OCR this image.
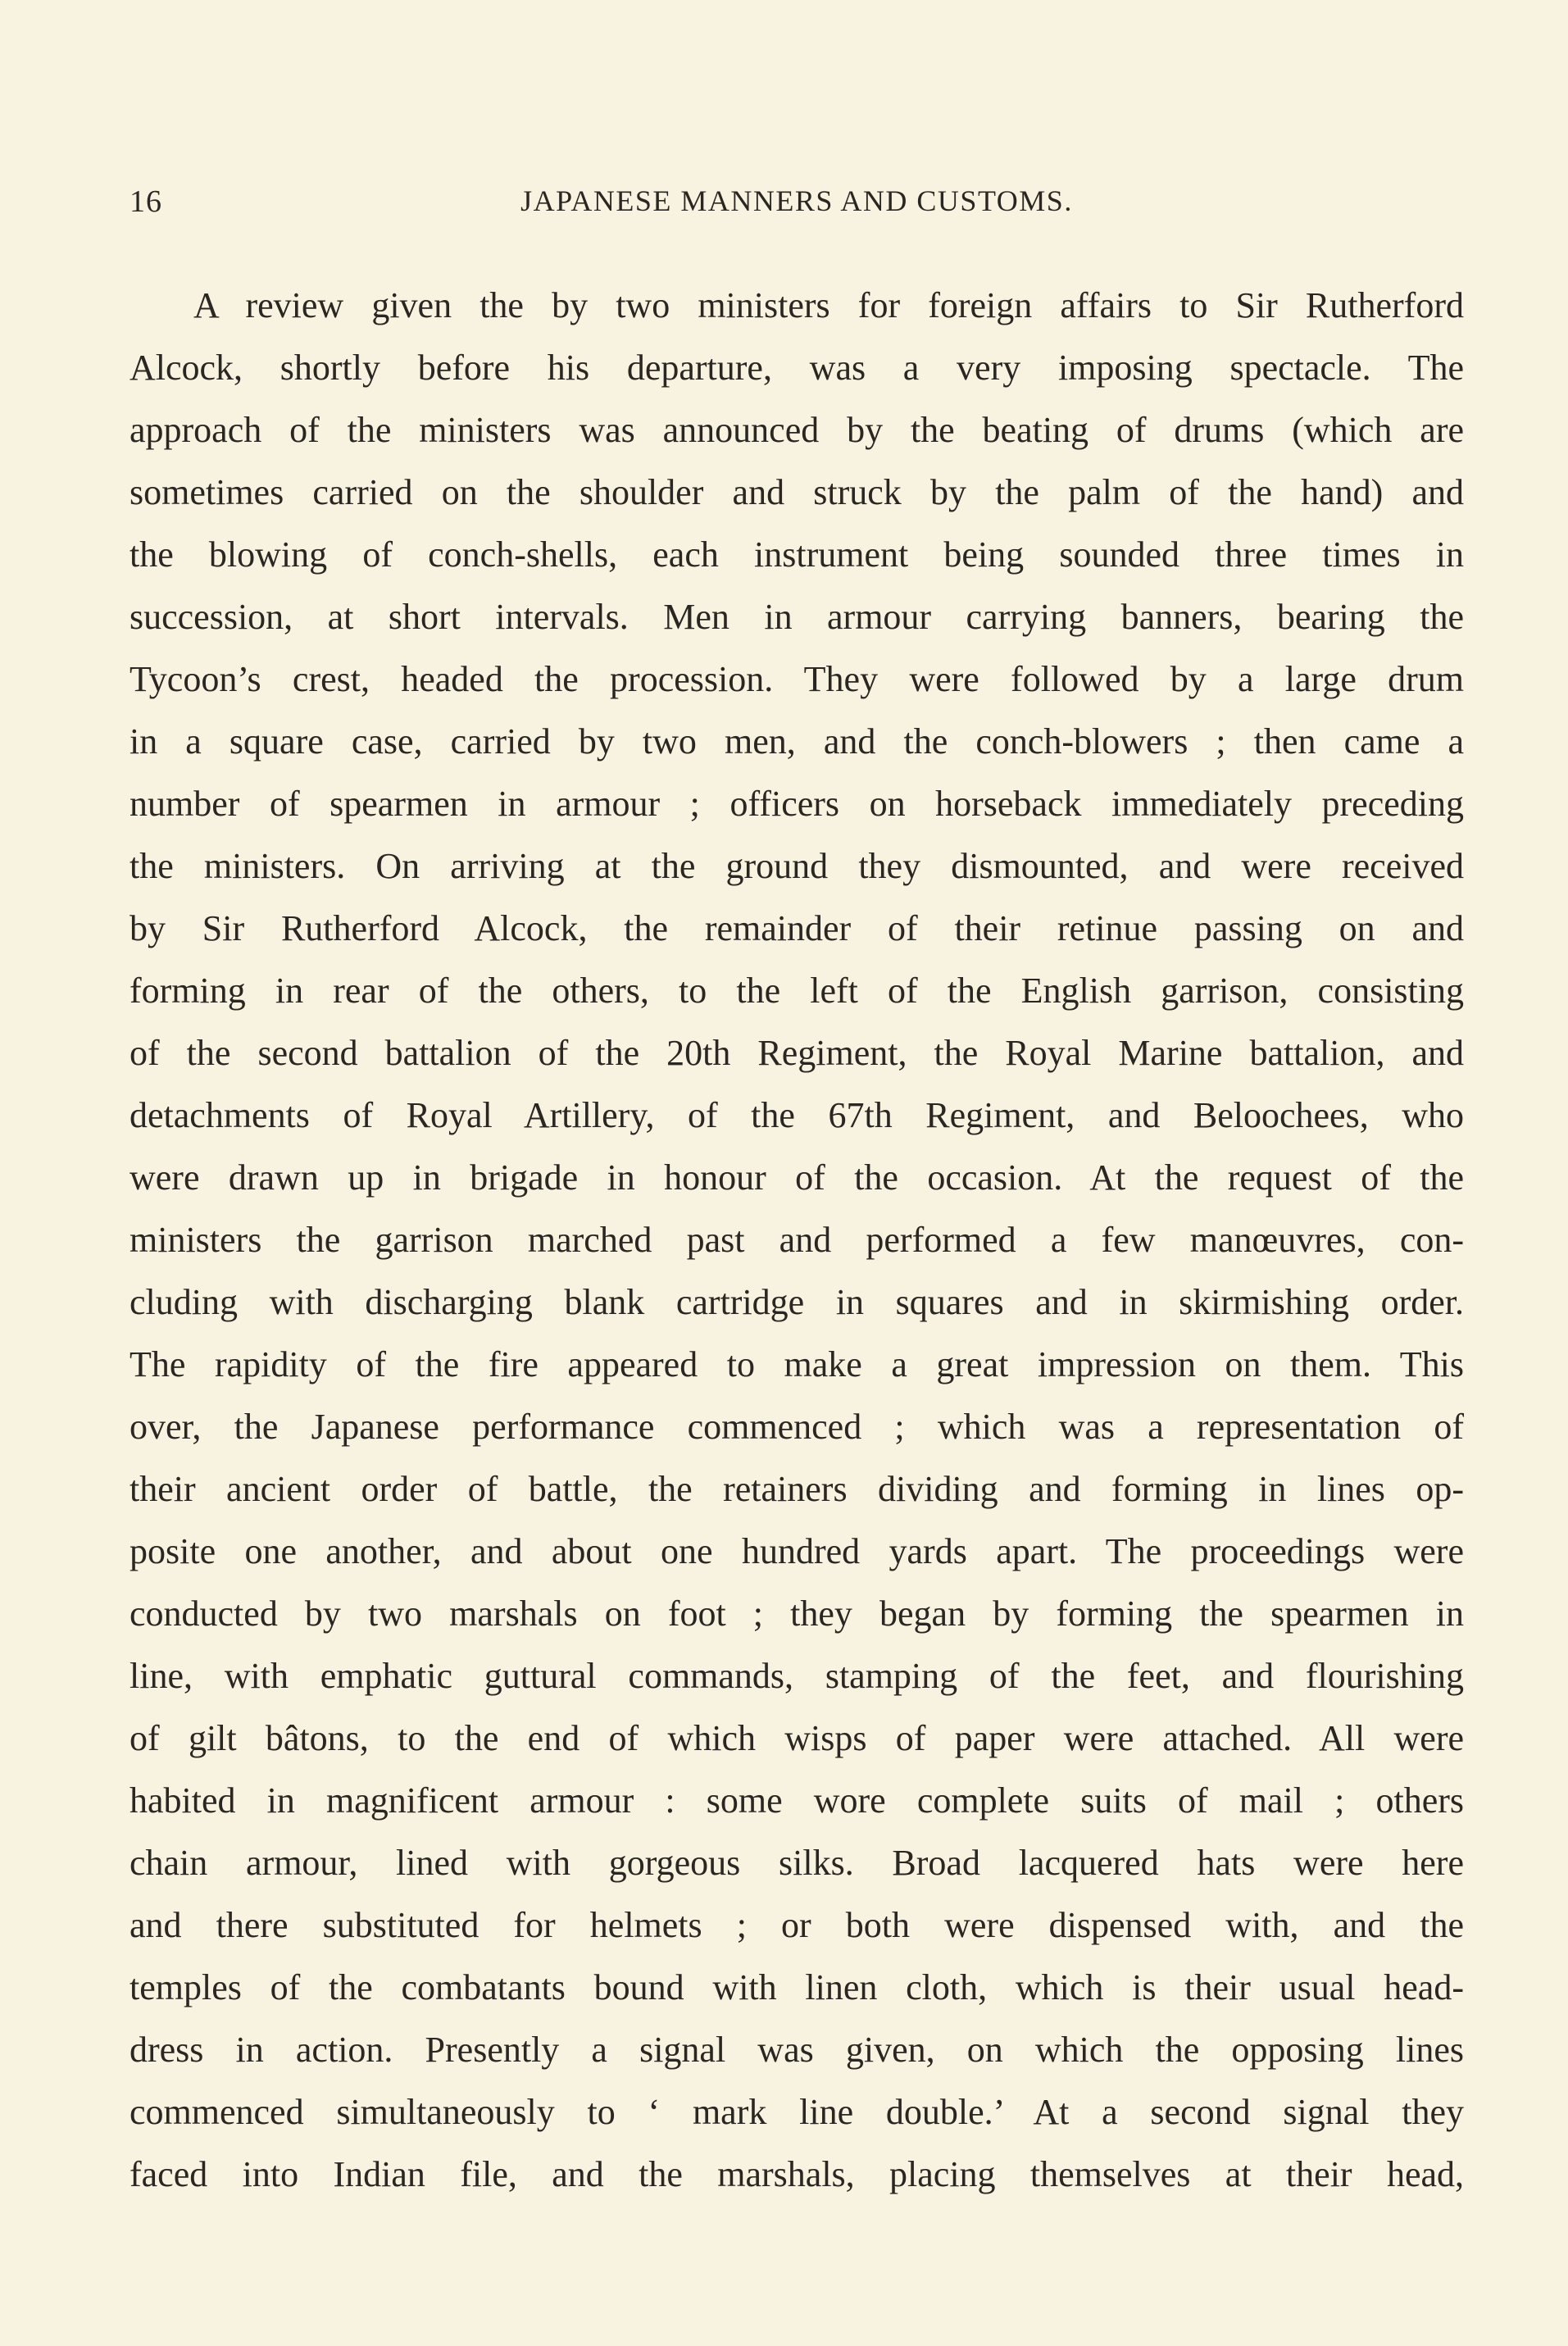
16	JAPANESE MANNERS AND CUSTOMS.
A review given the by two ministers for foreign affairs to Sir Rutherford
Alcock, shortly before his departure, was a very imposing spectacle. The
approach of the ministers was announced by the beating of drums (which are
sometimes carried on the shoulder and struck by the palm of the hand) and
the blowing of conch-shells, each instrument being sounded three times in
succession, at short intervals. Men in armour carrying banners, bearing the
Tycoon’s crest, headed the procession. They were followed by a large drum
in a square case, carried by two men, and the conch-blowers ; then came a
number of spearmen in armour ; officers on horseback immediately preceding
the ministers. On arriving at the ground they dismounted, and were received
by Sir Rutherford Alcock, the remainder of their retinue passing on and
forming in rear of the others, to the left of the English garrison, consisting
of the second battalion of the 20th Regiment, the Royal Marine battalion, and
detachments of Royal Artillery, of the 67th Regiment, and Beloochees, who
were drawn up in brigade in honour of the occasion. At the request of the
ministers the garrison marched past and performed a few manœuvres, con-
cluding with discharging blank cartridge in squares and in skirmishing order.
The rapidity of the fire appeared to make a great impression on them. This
over, the Japanese performance commenced ; which was a representation of
their ancient order of battle, the retainers dividing and forming in lines op-
posite one another, and about one hundred yards apart. The proceedings were
conducted by two marshals on foot ; they began by forming the spearmen in
line, with emphatic guttural commands, stamping of the feet, and flourishing
of gilt bâtons, to the end of which wisps of paper were attached. All were
habited in magnificent armour : some wore complete suits of mail ; others
chain armour, lined with gorgeous silks. Broad lacquered hats were here
and there substituted for helmets ; or both were dispensed with, and the
temples of the combatants bound with linen cloth, which is their usual head-
dress in action. Presently a signal was given, on which the opposing lines
commenced simultaneously to ‘ mark line double.’ At a second signal they
faced into Indian file, and the marshals, placing themselves at their head,
